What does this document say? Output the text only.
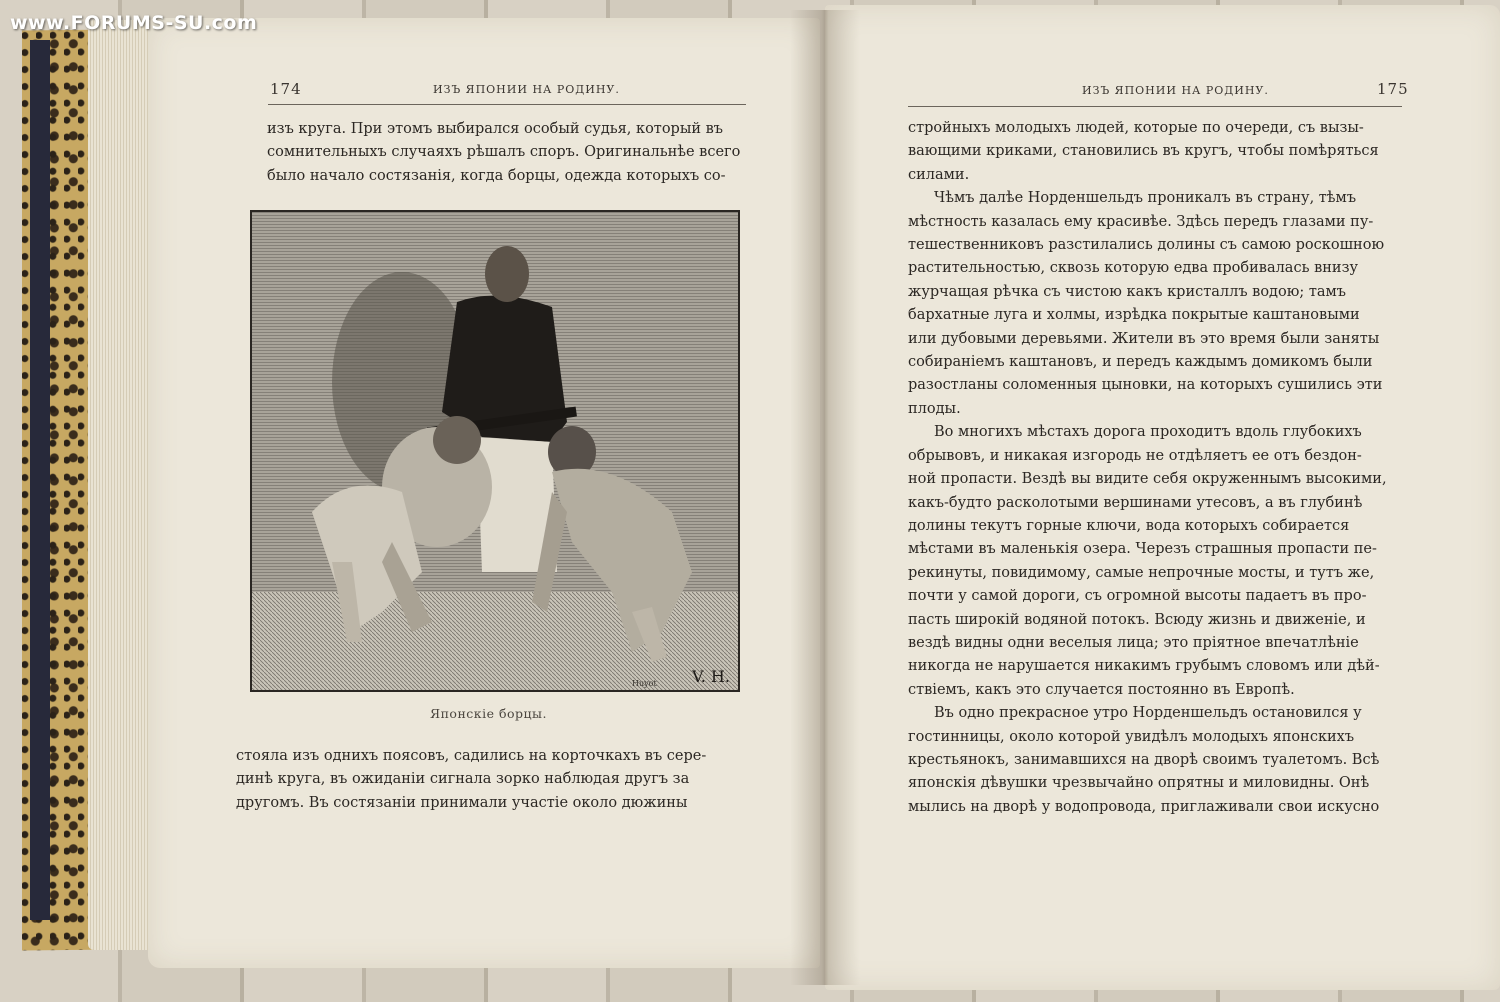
174	ИЗЪ ЯПОНИИ НА РОДИНУ.

изъ круга. При этомъ выбирался особый судья, который въ

сомнительныхъ случаяхъ рѣшалъ споръ. Оригинальнѣе всего

было начало состязанія, когда борцы, одежда которыхъ со-

V. H.
Huyot
Японскіе борцы.

стояла изъ однихъ поясовъ, садились на корточкахъ въ сере-

динѣ круга, въ ожиданіи сигнала зорко наблюдая другъ за

другомъ. Въ состязаніи принимали участіе около дюжины

ИЗЪ ЯПОНИИ НА РОДИНУ.	175

стройныхъ молодыхъ людей, которые по очереди, съ вызы-

вающими криками, становились въ кругъ, чтобы помѣряться

силами.

Чѣмъ далѣе Норденшельдъ проникалъ въ страну, тѣмъ

мѣстность казалась ему красивѣе. Здѣсь передъ глазами пу-

тешественниковъ разстилались долины съ самою роскошною

растительностью, сквозь которую едва пробивалась внизу

журчащая рѣчка съ чистою какъ кристаллъ водою; тамъ

бархатные луга и холмы, изрѣдка покрытые каштановыми

или дубовыми деревьями. Жители въ это время были заняты

собираніемъ каштановъ, и передъ каждымъ домикомъ были

разостланы соломенныя цыновки, на которыхъ сушились эти

плоды.

Во многихъ мѣстахъ дорога проходитъ вдоль глубокихъ

обрывовъ, и никакая изгородь не отдѣляетъ ее отъ бездон-

ной пропасти. Вездѣ вы видите себя окруженнымъ высокими,

какъ-будто расколотыми вершинами утесовъ, а въ глубинѣ

долины текутъ горные ключи, вода которыхъ собирается

мѣстами въ маленькія озера. Черезъ страшныя пропасти пе-

рекинуты, повидимому, самые непрочные мосты, и тутъ же,

почти у самой дороги, съ огромной высоты падаетъ въ про-

пасть широкій водяной потокъ. Всюду жизнь и движеніе, и

вездѣ видны одни веселыя лица; это пріятное впечатлѣніе

никогда не нарушается никакимъ грубымъ словомъ или дѣй-

ствіемъ, какъ это случается постоянно въ Европѣ.

Въ одно прекрасное утро Норденшельдъ остановился у

гостинницы, около которой увидѣлъ молодыхъ японскихъ

крестьянокъ, занимавшихся на дворѣ своимъ туалетомъ. Всѣ

японскія дѣвушки чрезвычайно опрятны и миловидны. Онѣ

мылись на дворѣ у водопровода, приглаживали свои искусно

www.FORUMS-SU.com
